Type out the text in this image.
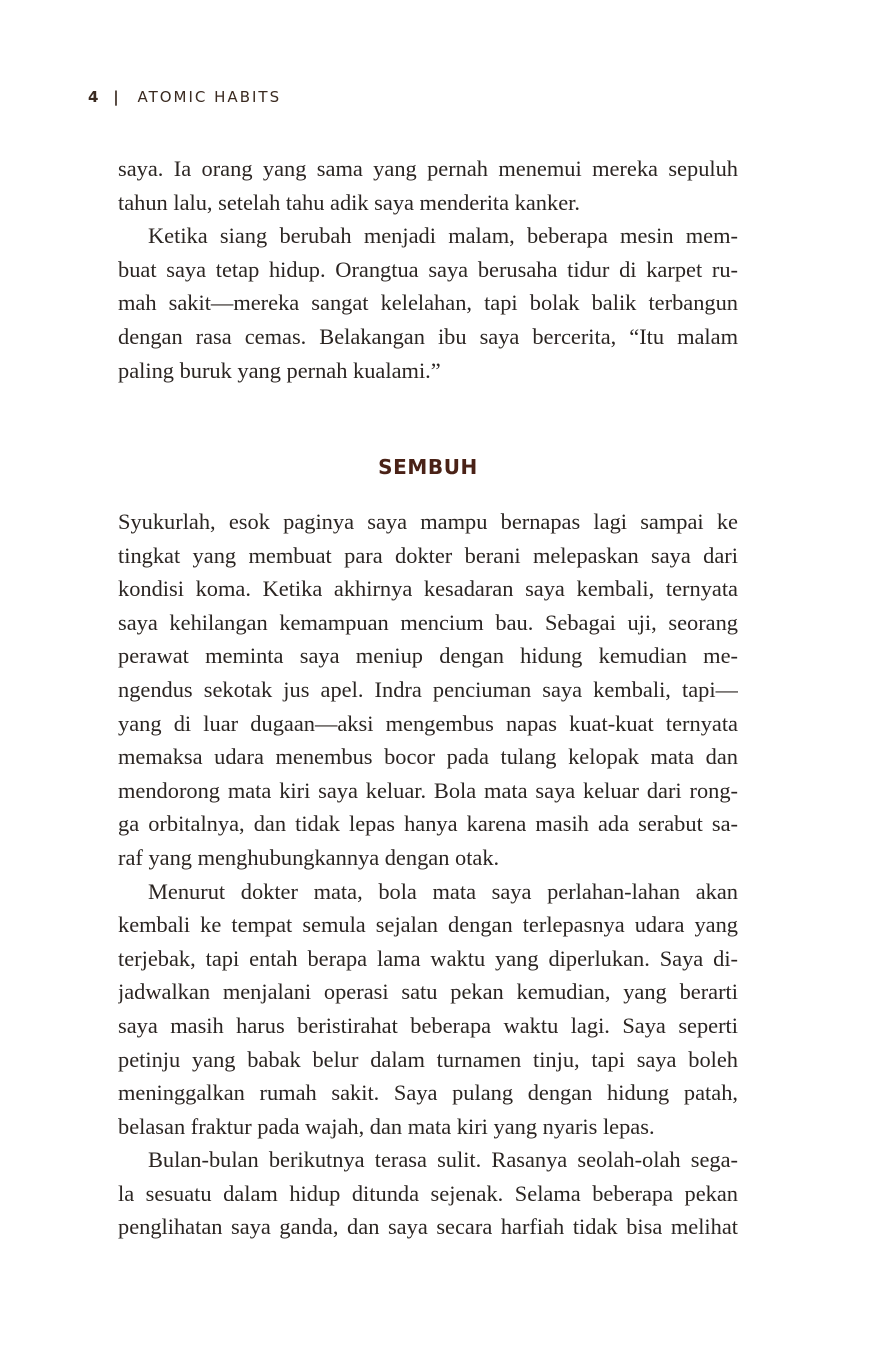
4 | ATOMIC HABITS
saya. Ia orang yang sama yang pernah menemui mereka sepuluh
tahun lalu, setelah tahu adik saya menderita kanker.
Ketika siang berubah menjadi malam, beberapa mesin mem-
buat saya tetap hidup. Orangtua saya berusaha tidur di karpet ru-
mah sakit—mereka sangat kelelahan, tapi bolak balik terbangun
dengan rasa cemas. Belakangan ibu saya bercerita, “Itu malam
paling buruk yang pernah kualami.”
SEMBUH
Syukurlah, esok paginya saya mampu bernapas lagi sampai ke
tingkat yang membuat para dokter berani melepaskan saya dari
kondisi koma. Ketika akhirnya kesadaran saya kembali, ternyata
saya kehilangan kemampuan mencium bau. Sebagai uji, seorang
perawat meminta saya meniup dengan hidung kemudian me-
ngendus sekotak jus apel. Indra penciuman saya kembali, tapi—
yang di luar dugaan—aksi mengembus napas kuat-kuat ternyata
memaksa udara menembus bocor pada tulang kelopak mata dan
mendorong mata kiri saya keluar. Bola mata saya keluar dari rong-
ga orbitalnya, dan tidak lepas hanya karena masih ada serabut sa-
raf yang menghubungkannya dengan otak.
Menurut dokter mata, bola mata saya perlahan-lahan akan
kembali ke tempat semula sejalan dengan terlepasnya udara yang
terjebak, tapi entah berapa lama waktu yang diperlukan. Saya di-
jadwalkan menjalani operasi satu pekan kemudian, yang berarti
saya masih harus beristirahat beberapa waktu lagi. Saya seperti
petinju yang babak belur dalam turnamen tinju, tapi saya boleh
meninggalkan rumah sakit. Saya pulang dengan hidung patah,
belasan fraktur pada wajah, dan mata kiri yang nyaris lepas.
Bulan-bulan berikutnya terasa sulit. Rasanya seolah-olah sega-
la sesuatu dalam hidup ditunda sejenak. Selama beberapa pekan
penglihatan saya ganda, dan saya secara harfiah tidak bisa melihat
